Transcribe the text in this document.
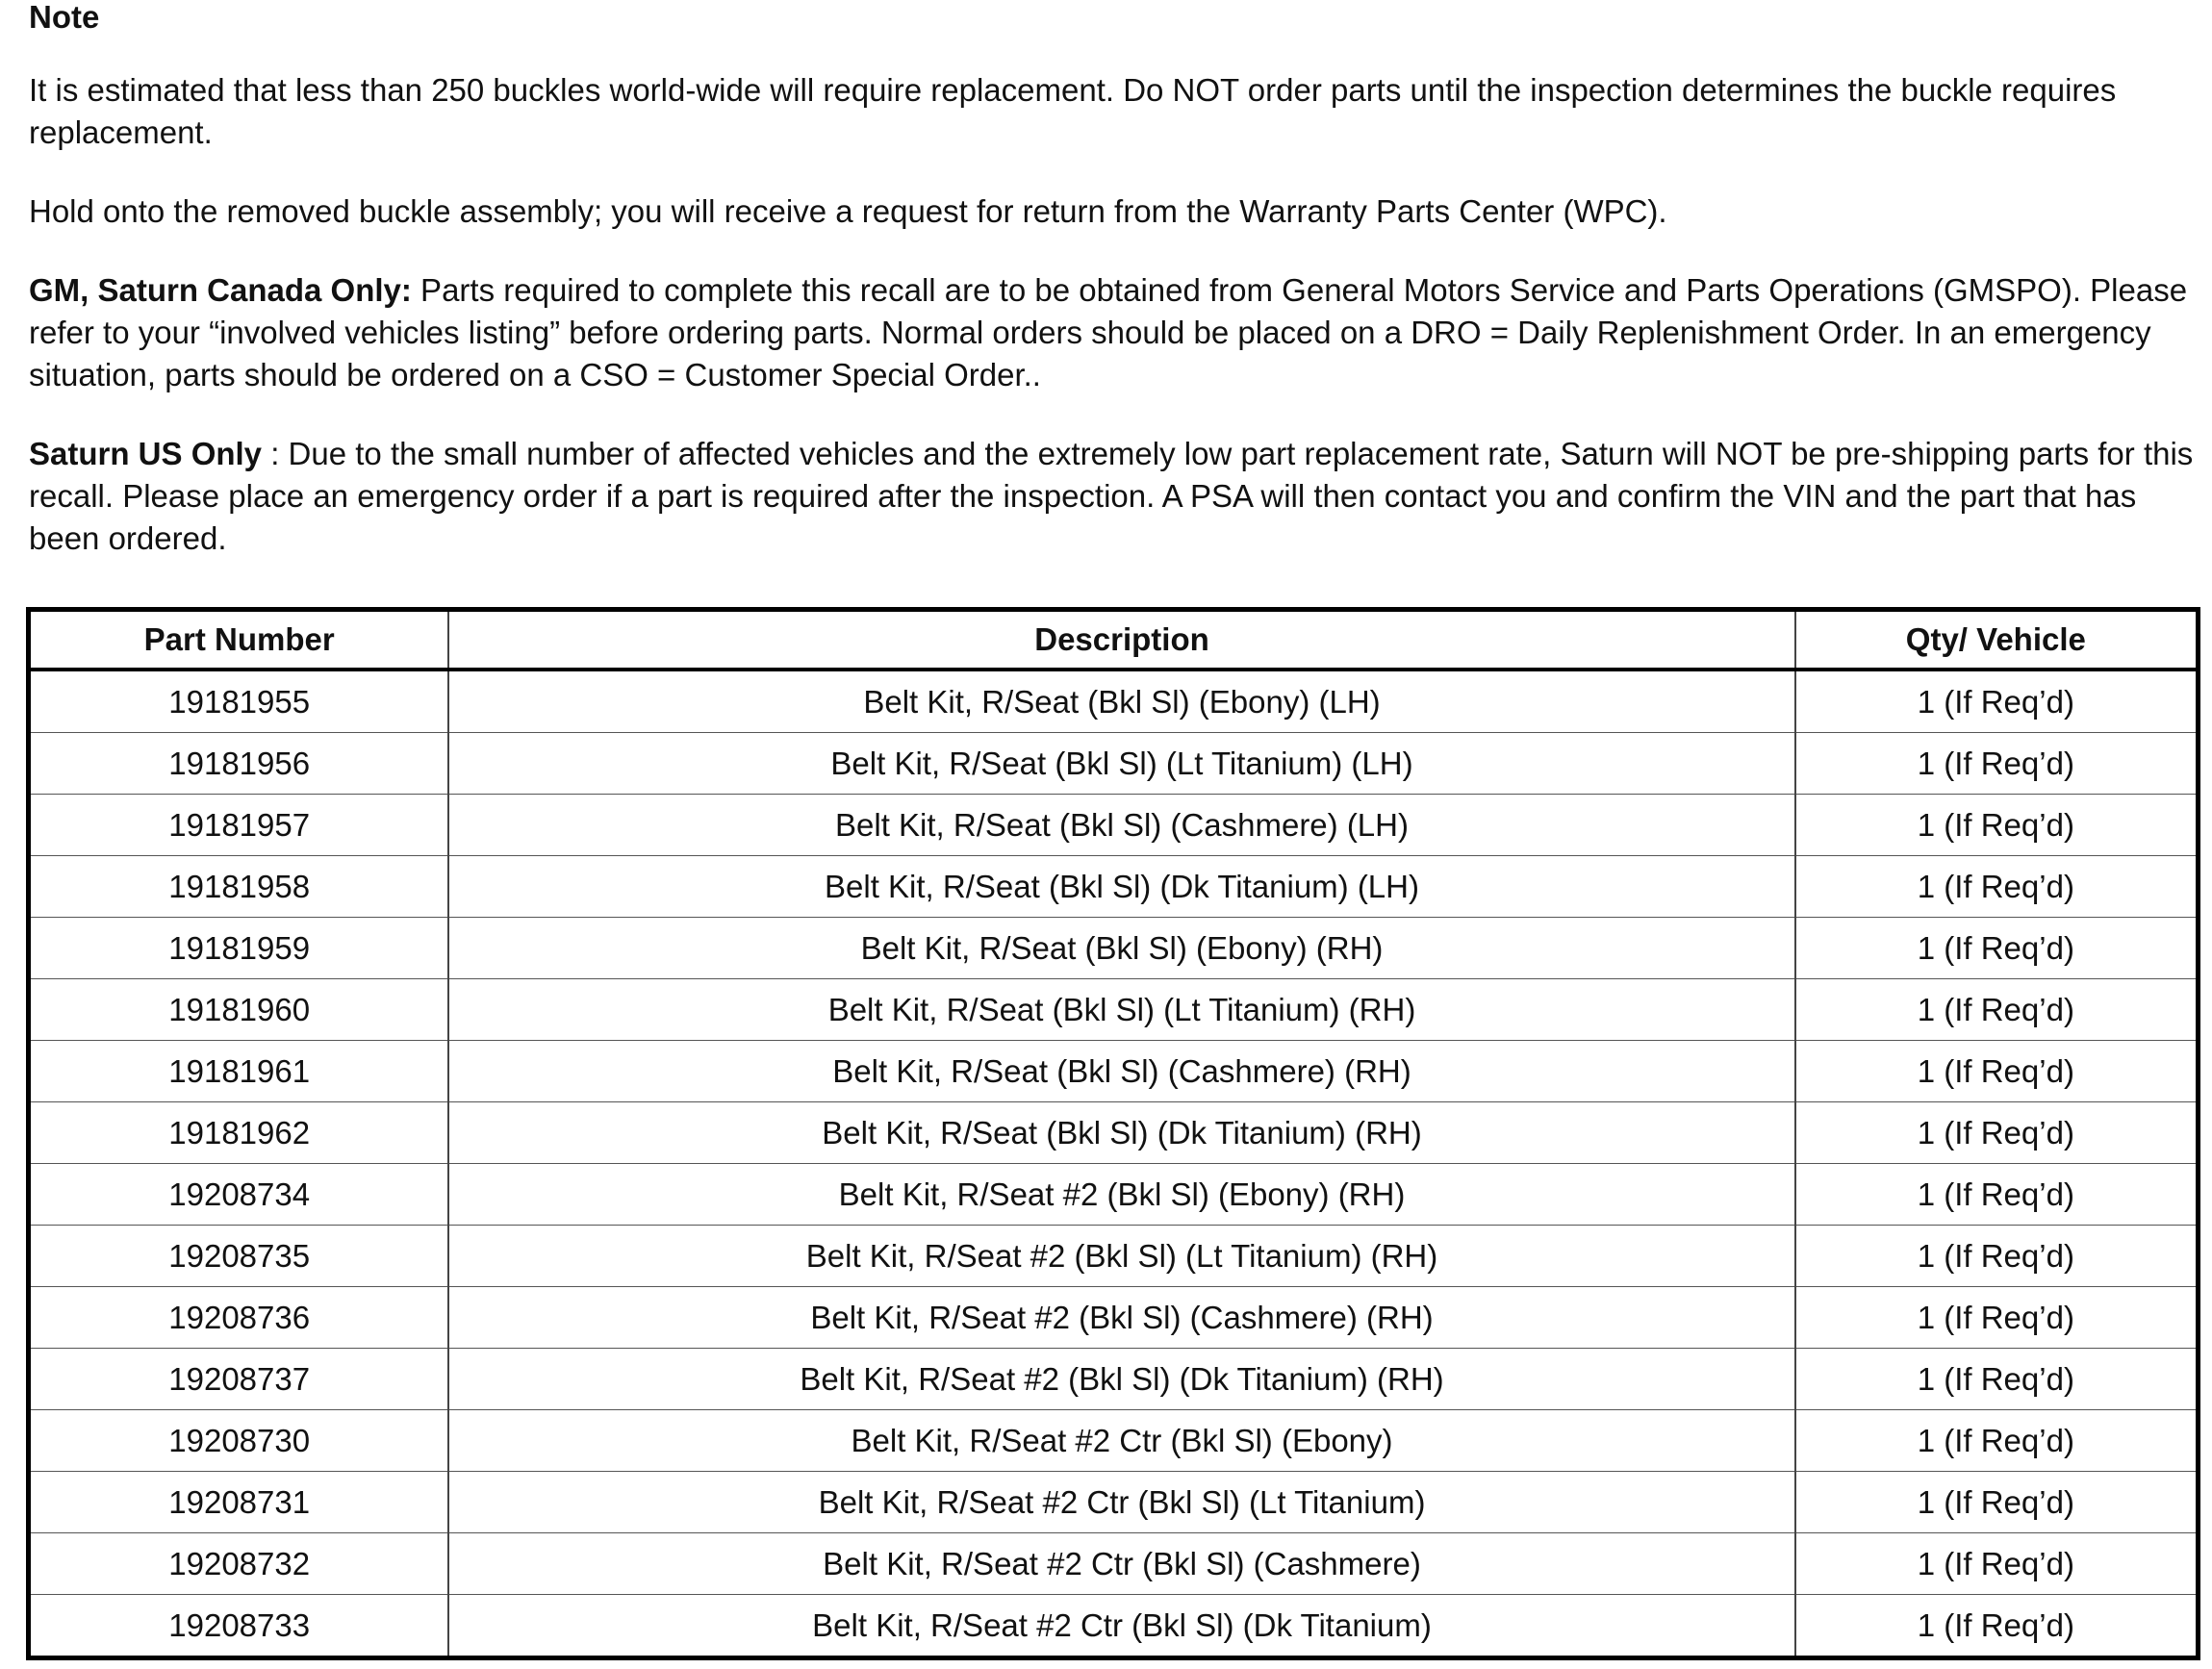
Note

It is estimated that less than 250 buckles world-wide will require replacement. Do NOT order parts until the inspection determines the buckle requires replacement.

Hold onto the removed buckle assembly; you will receive a request for return from the Warranty Parts Center (WPC).

GM, Saturn Canada Only: Parts required to complete this recall are to be obtained from General Motors Service and Parts Operations (GMSPO). Please refer to your “involved vehicles listing” before ordering parts. Normal orders should be placed on a DRO = Daily Replenishment Order. In an emergency situation, parts should be ordered on a CSO = Customer Special Order..

Saturn US Only : Due to the small number of affected vehicles and the extremely low part replacement rate, Saturn will NOT be pre-shipping parts for this recall. Please place an emergency order if a part is required after the inspection. A PSA will then contact you and confirm the VIN and the part that has been ordered.

Part Number	Description	Qty/ Vehicle
19181955	Belt Kit, R/Seat (Bkl Sl) (Ebony) (LH)	1 (If Req’d)
19181956	Belt Kit, R/Seat (Bkl Sl) (Lt Titanium) (LH)	1 (If Req’d)
19181957	Belt Kit, R/Seat (Bkl Sl) (Cashmere) (LH)	1 (If Req’d)
19181958	Belt Kit, R/Seat (Bkl Sl) (Dk Titanium) (LH)	1 (If Req’d)
19181959	Belt Kit, R/Seat (Bkl Sl) (Ebony) (RH)	1 (If Req’d)
19181960	Belt Kit, R/Seat (Bkl Sl) (Lt Titanium) (RH)	1 (If Req’d)
19181961	Belt Kit, R/Seat (Bkl Sl) (Cashmere) (RH)	1 (If Req’d)
19181962	Belt Kit, R/Seat (Bkl Sl) (Dk Titanium) (RH)	1 (If Req’d)
19208734	Belt Kit, R/Seat #2 (Bkl Sl) (Ebony) (RH)	1 (If Req’d)
19208735	Belt Kit, R/Seat #2 (Bkl Sl) (Lt Titanium) (RH)	1 (If Req’d)
19208736	Belt Kit, R/Seat #2 (Bkl Sl) (Cashmere) (RH)	1 (If Req’d)
19208737	Belt Kit, R/Seat #2 (Bkl Sl) (Dk Titanium) (RH)	1 (If Req’d)
19208730	Belt Kit, R/Seat #2 Ctr (Bkl Sl) (Ebony)	1 (If Req’d)
19208731	Belt Kit, R/Seat #2 Ctr (Bkl Sl) (Lt Titanium)	1 (If Req’d)
19208732	Belt Kit, R/Seat #2 Ctr (Bkl Sl) (Cashmere)	1 (If Req’d)
19208733	Belt Kit, R/Seat #2 Ctr (Bkl Sl) (Dk Titanium)	1 (If Req’d)
